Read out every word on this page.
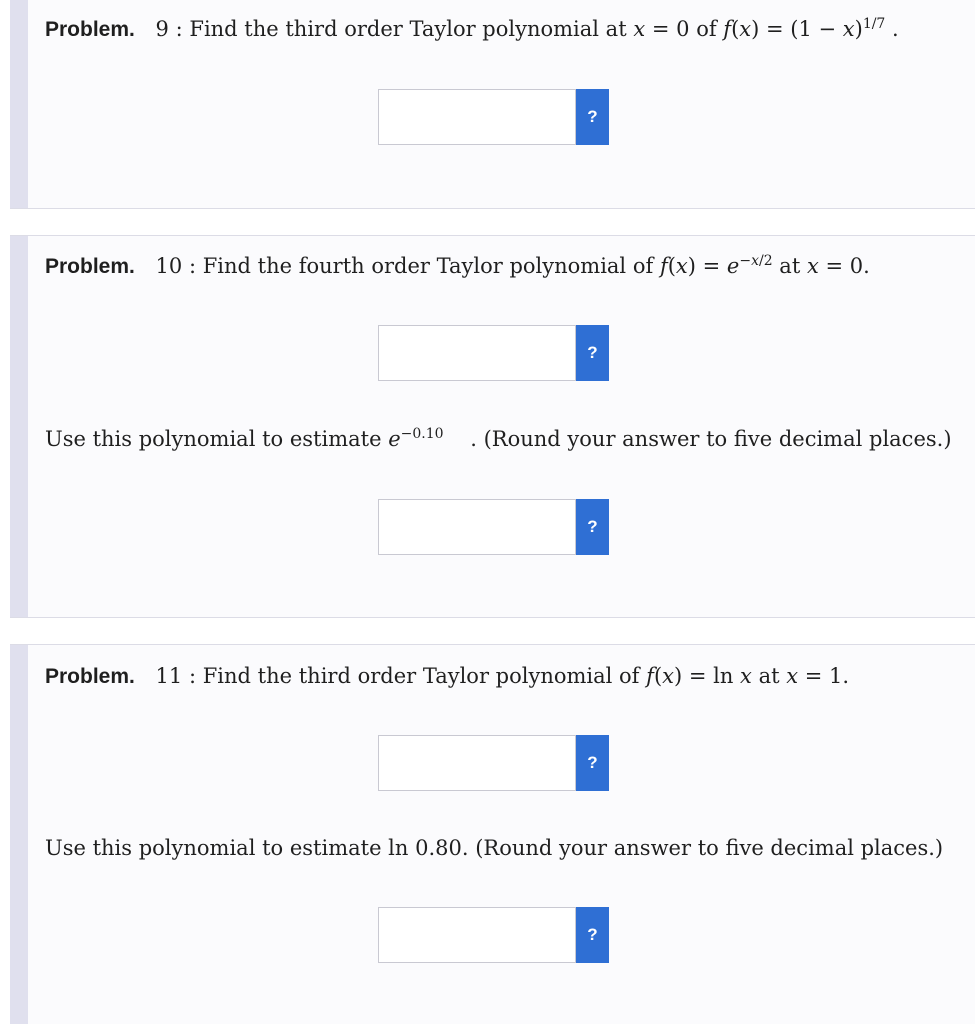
Problem. 9 : Find the third order Taylor polynomial at x = 0 of $f(x) = (1 - x)^{1/7}$ .
?
Problem. 10 : Find the fourth order Taylor polynomial of $f(x) = e^{-x/2}$ at x = 0.
?
Use this polynomial to estimate $e^{-0.10}$ . (Round your answer to five decimal places.)
?
Problem. 11 : Find the third order Taylor polynomial of f(x) = ln x at x = 1.
?
Use this polynomial to estimate ln 0.80. (Round your answer to five decimal places.)
?
